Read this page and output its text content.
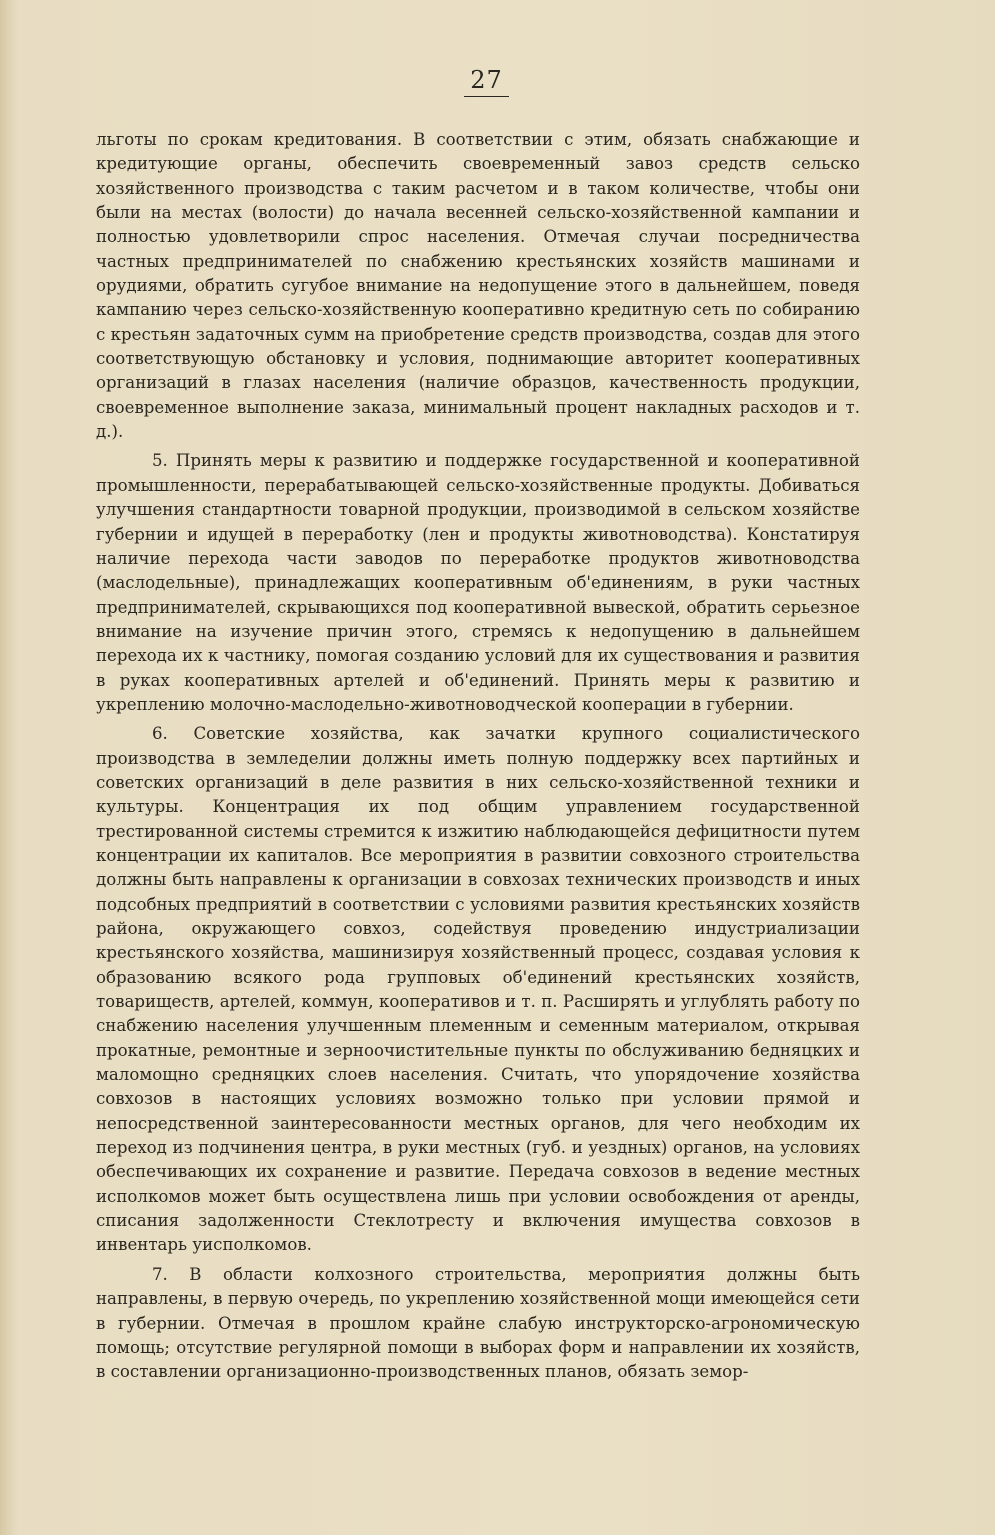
27

льготы по срокам кредитования. В соответствии с этим, обязать снабжающие и кредитующие органы, обеспечить своевременный завоз средств сельско хозяйственного производства с таким расчетом и в таком количестве, чтобы они были на местах (волости) до начала весенней сельско-хозяйственной кампании и полностью удовлетворили спрос населения. Отмечая случаи посредничества частных предпринимателей по снабжению крестьянских хозяйств машинами и орудиями, обратить сугубое внимание на недопущение этого в дальнейшем, поведя кампанию через сельско-хозяйственную кооперативно кредитную сеть по собиранию с крестьян задаточных сумм на приобретение средств производства, создав для этого соответствующую обстановку и условия, поднимающие авторитет кооперативных организаций в глазах населения (наличие образцов, качественность продукции, своевременное выполнение заказа, минимальный процент накладных расходов и т. д.).

5. Принять меры к развитию и поддержке государственной и кооперативной промышленности, перерабатывающей сельско-хозяйственные продукты. Добиваться улучшения стандартности товарной продукции, производимой в сельском хозяйстве губернии и идущей в переработку (лен и продукты животноводства). Констатируя наличие перехода части заводов по переработке продуктов животноводства (маслодельные), принадлежащих кооперативным об'единениям, в руки частных предпринимателей, скрывающихся под кооперативной вывеской, обратить серьезное внимание на изучение причин этого, стремясь к недопущению в дальнейшем перехода их к частнику, помогая созданию условий для их существования и развития в руках кооперативных артелей и об'единений. Принять меры к развитию и укреплению молочно-маслодельно-животноводческой кооперации в губернии.

6. Советские хозяйства, как зачатки крупного социалистического производства в земледелии должны иметь полную поддержку всех партийных и советских организаций в деле развития в них сельско-хозяйственной техники и культуры. Концентрация их под общим управлением государственной трестированной системы стремится к изжитию наблюдающейся дефицитности путем концентрации их капиталов. Все мероприятия в развитии совхозного строительства должны быть направлены к организации в совхозах технических производств и иных подсобных предприятий в соответствии с условиями развития крестьянских хозяйств района, окружающего совхоз, содействуя проведению индустриализации крестьянского хозяйства, машинизируя хозяйственный процесс, создавая условия к образованию всякого рода групповых об'единений крестьянских хозяйств, товариществ, артелей, коммун, кооперативов и т. п. Расширять и углублять работу по снабжению населения улучшенным племенным и семенным материалом, открывая прокатные, ремонтные и зерноочистительные пункты по обслуживанию бедняцких и маломощно средняцких слоев населения. Считать, что упорядочение хозяйства совхозов в настоящих условиях возможно только при условии прямой и непосредственной заинтересованности местных органов, для чего необходим их переход из подчинения центра, в руки местных (губ. и уездных) органов, на условиях обеспечивающих их сохранение и развитие. Передача совхозов в ведение местных исполкомов может быть осуществлена лишь при условии освобождения от аренды, списания задолженности Стеклотресту и включения имущества совхозов в инвентарь уисполкомов.

7. В области колхозного строительства, мероприятия должны быть направлены, в первую очередь, по укреплению хозяйственной мощи имеющейся сети в губернии. Отмечая в прошлом крайне слабую инструкторско-агрономическую помощь; отсутствие регулярной помощи в выборах форм и направлении их хозяйств, в составлении организационно-производственных планов, обязать земор-
